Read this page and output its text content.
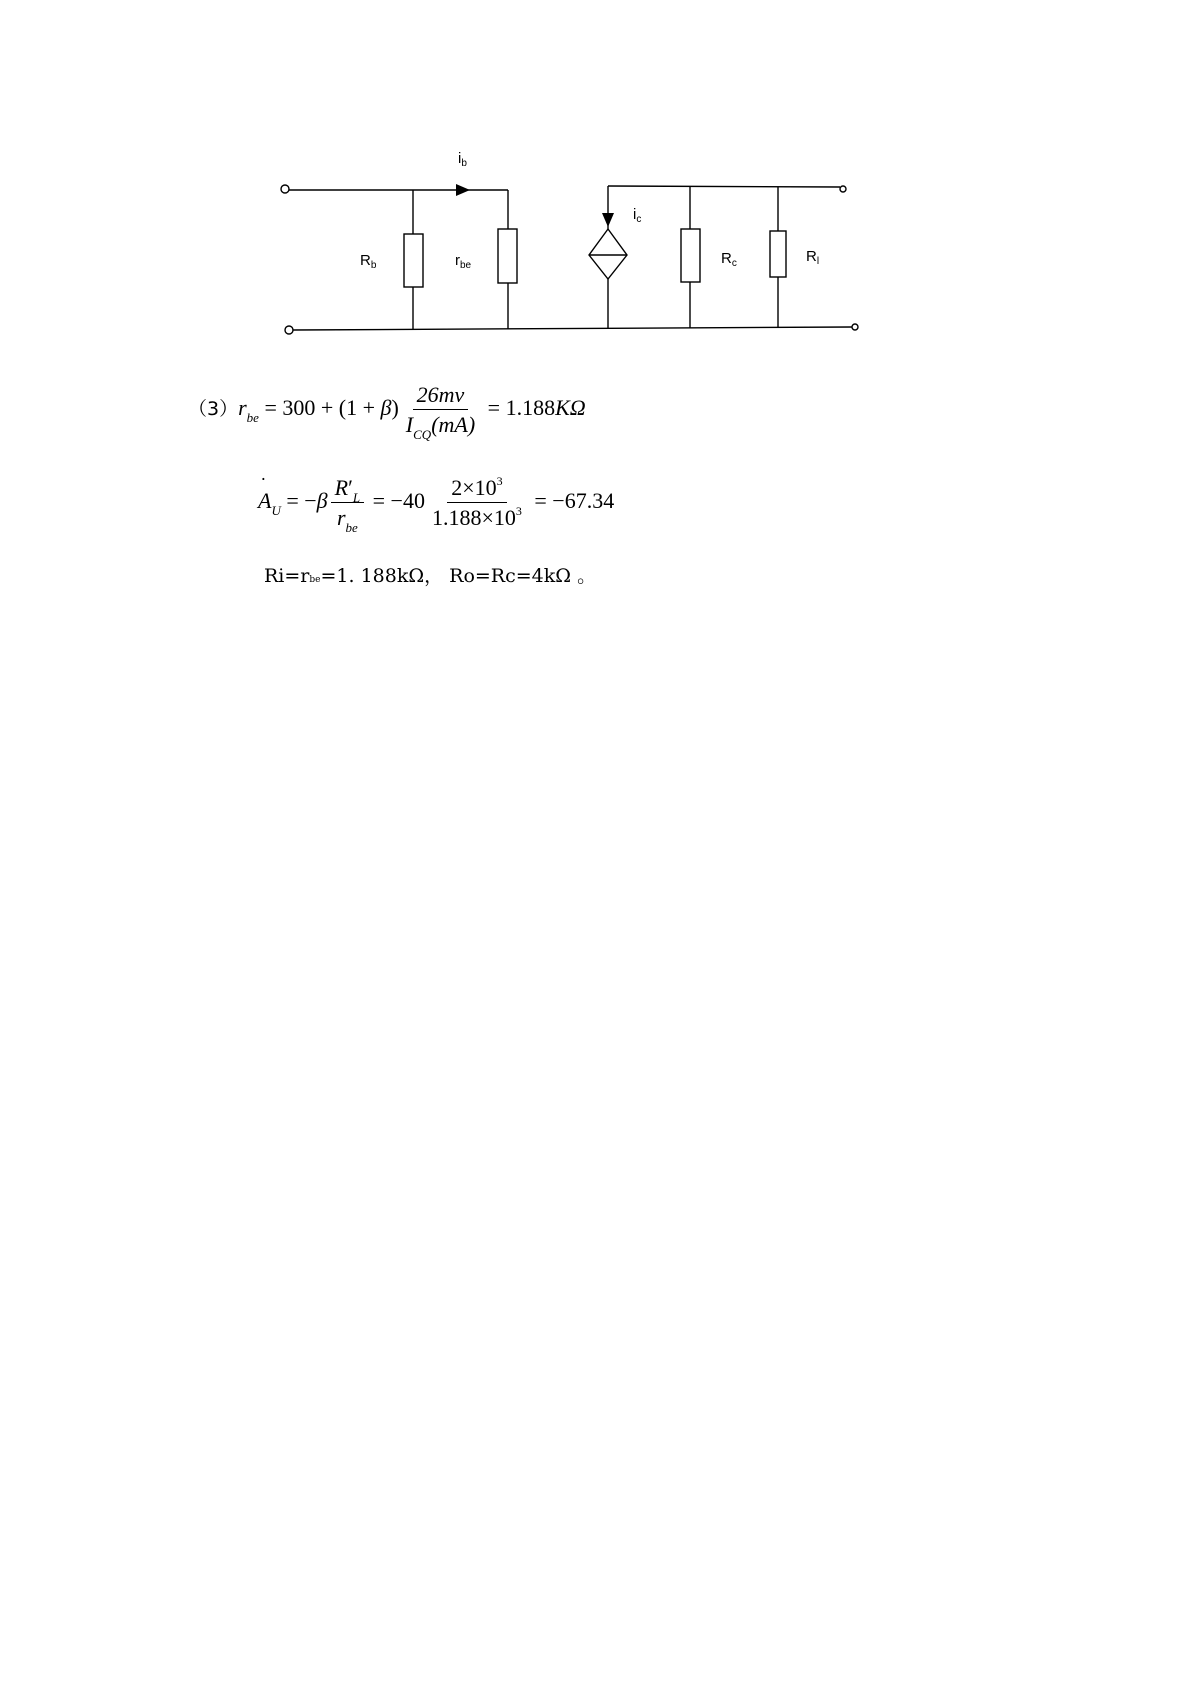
$i_b$
$i_c$
$R_b$	$r_{be}$	$R_c$	$R_l$
$(3)r_{be} = 300 + (1 + \beta) \frac{26mv}{I_{CQ}(mA)} = 1.188K\Omega$
˙ $A_U = -\beta \frac{R'_L}{r_{be}} = -40 \frac{2\times 10^3}{1.188\times 10^3} = -67.34$
Ri=rbe=1. 188kΩ， Ro=Rc=4kΩ 。
